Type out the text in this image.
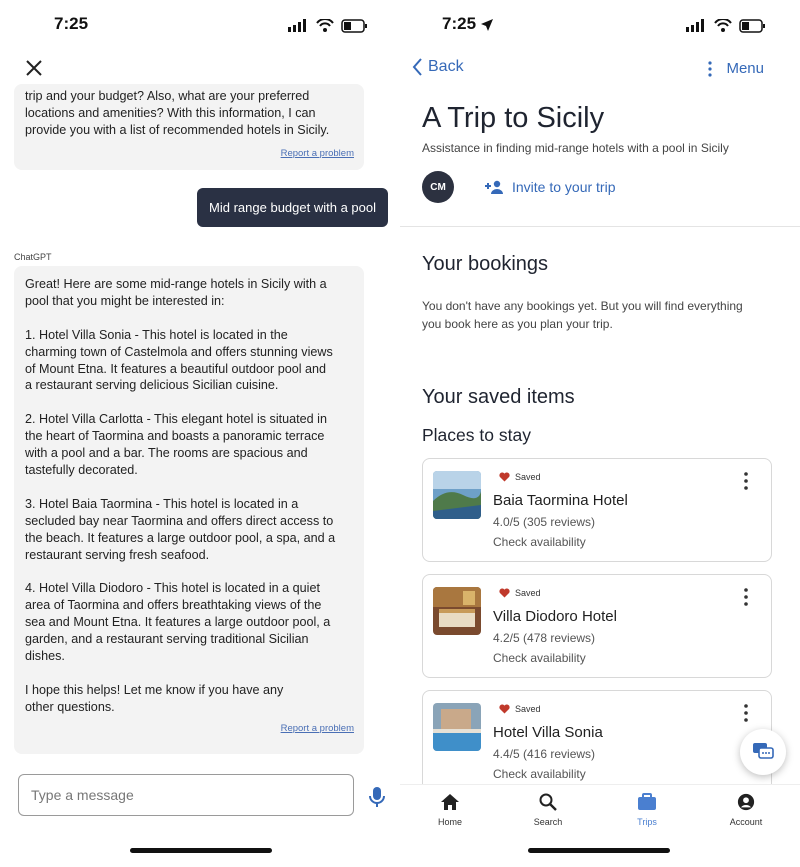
7:25

trip and your budget? Also, what are your preferred
locations and amenities? With this information, I can
provide you with a list of recommended hotels in Sicily.

Report a problem
Mid range budget with a pool
ChatGPT

Great! Here are some mid-range hotels in Sicily with a
pool that you might be interested in:

1. Hotel Villa Sonia - This hotel is located in the
charming town of Castelmola and offers stunning views
of Mount Etna. It features a beautiful outdoor pool and
a restaurant serving delicious Sicilian cuisine.

2. Hotel Villa Carlotta - This elegant hotel is situated in
the heart of Taormina and boasts a panoramic terrace
with a pool and a bar. The rooms are spacious and
tastefully decorated.

3. Hotel Baia Taormina - This hotel is located in a
secluded bay near Taormina and offers direct access to
the beach. It features a large outdoor pool, a spa, and a
restaurant serving fresh seafood.

4. Hotel Villa Diodoro - This hotel is located in a quiet
area of Taormina and offers breathtaking views of the
sea and Mount Etna. It features a large outdoor pool, a
garden, and a restaurant serving traditional Sicilian
dishes.

I hope this helps! Let me know if you have any
other questions.

Report a problem
Type a message
7:25
Back	Menu
A Trip to Sicily
Assistance in finding mid-range hotels with a pool in Sicily
CM	Invite to your trip
Your bookings
You don't have any bookings yet. But you will find everything you book here as you plan your trip.
Your saved items
Places to stay
Saved
Baia Taormina Hotel
4.0/5 (305 reviews)
Check availability
Saved
Villa Diodoro Hotel
4.2/5 (478 reviews)
Check availability
Saved
Hotel Villa Sonia
4.4/5 (416 reviews)
Check availability
Home	Search	Trips	Account
